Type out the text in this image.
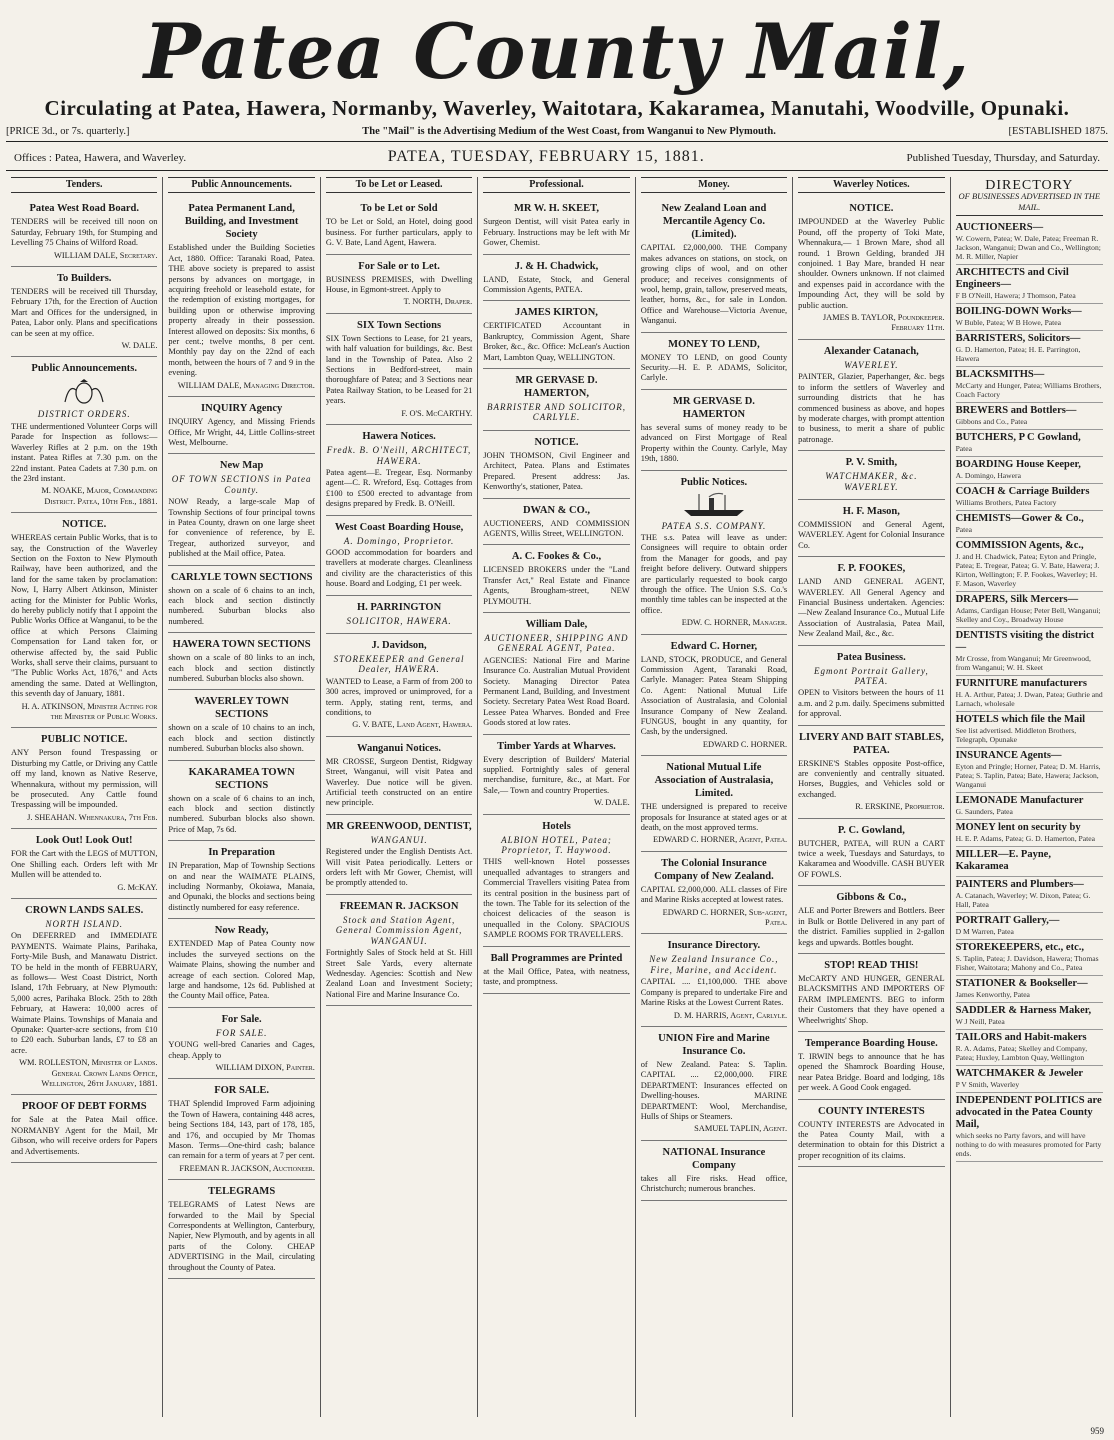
Patea County Mail,
Circulating at Patea, Hawera, Normanby, Waverley, Waitotara, Kakaramea, Manutahi, Woodville, Opunaki.
[PRICE 3d., or 7s. quarterly.]	The "Mail" is the Advertising Medium of the West Coast, from Wanganui to New Plymouth.	[ESTABLISHED 1875.
Offices : Patea, Hawera, and Waverley.	PATEA, TUESDAY, FEBRUARY 15, 1881.	Published Tuesday, Thursday, and Saturday.
Tenders.
Patea West Road Board.

TENDERS will be received till noon on Saturday, February 19th, for Stumping and Levelling 75 Chains of Wilford Road.

WILLIAM DALE, Secretary.
To Builders.

TENDERS will be received till Thursday, February 17th, for the Erection of Auction Mart and Offices for the undersigned, in Patea, Labor only. Plans and specifications can be seen at my office.

W. DALE.
Public Announcements.
DISTRICT ORDERS.

THE undermentioned Volunteer Corps will Parade for Inspection as follows:— Waverley Rifles at 2 p.m. on the 19th instant. Patea Rifles at 7.30 p.m. on the 22nd instant. Patea Cadets at 7.30 p.m. on the 23rd instant.

M. NOAKE, Major, Commanding District. Patea, 10th Feb., 1881.
NOTICE.

WHEREAS certain Public Works, that is to say, the Construction of the Waverley Section on the Foxton to New Plymouth Railway, have been authorized, and the land for the same taken by proclamation: Now, I, Harry Albert Atkinson, Minister acting for the Minister for Public Works, do hereby publicly notify that I appoint the Public Works Office at Wanganui, to be the office at which Persons Claiming Compensation for Land taken for, or otherwise affected by, the said Public Works, shall serve their claims, pursuant to "The Public Works Act, 1876," and Acts amending the same. Dated at Wellington, this seventh day of January, 1881.

H. A. ATKINSON, Minister Acting for the Minister of Public Works.
PUBLIC NOTICE.

ANY Person found Trespassing or Disturbing my Cattle, or Driving any Cattle off my land, known as Native Reserve, Whennakura, without my permission, will be prosecuted. Any Cattle found Trespassing will be impounded.

J. SHEAHAN. Whennakura, 7th Feb.
Look Out! Look Out!

FOR the Cart with the LEGS of MUTTON, One Shilling each. Orders left with Mr Mullen will be attended to.

G. McKAY.
CROWN LANDS SALES.
NORTH ISLAND.

On DEFERRED and IMMEDIATE PAYMENTS. Waimate Plains, Parihaka, Forty-Mile Bush, and Manawatu District. TO be held in the month of FEBRUARY, as follows— West Coast District, North Island, 17th February, at New Plymouth: 5,000 acres, Parihaka Block. 25th to 28th February, at Hawera: 10,000 acres of Waimate Plains. Townships of Manaia and Opunake: Quarter-acre sections, from £10 to £20 each. Suburban lands, £7 to £8 an acre.

WM. ROLLESTON, Minister of Lands. General Crown Lands Office, Wellington, 26th January, 1881.
PROOF OF DEBT FORMS

for Sale at the Patea Mail office. NORMANBY Agent for the Mail, Mr Gibson, who will receive orders for Papers and Advertisements.

Public Announcements.
Patea Permanent Land, Building, and Investment Society

Established under the Building Societies Act, 1880. Office: Taranaki Road, Patea. THE above society is prepared to assist persons by advances on mortgage, in acquiring freehold or leasehold estate, for the redemption of existing mortgages, for building upon or otherwise improving property already in their possession. Interest allowed on deposits: Six months, 6 per cent.; twelve months, 8 per cent. Monthly pay day on the 22nd of each month, between the hours of 7 and 9 in the evening.

WILLIAM DALE, Managing Director.
INQUIRY Agency

INQUIRY Agency, and Missing Friends Office, Mr Wright, 44, Little Collins-street West, Melbourne.

New Map
OF TOWN SECTIONS in Patea County.

NOW Ready, a large-scale Map of Township Sections of four principal towns in Patea County, drawn on one large sheet for convenience of reference, by E. Tregear, authorized surveyor, and published at the Mail office, Patea.

CARLYLE TOWN SECTIONS

shown on a scale of 6 chains to an inch, each block and section distinctly numbered. Suburban blocks also numbered.

HAWERA TOWN SECTIONS

shown on a scale of 80 links to an inch, each block and section distinctly numbered. Suburban blocks also shown.

WAVERLEY TOWN SECTIONS

shown on a scale of 10 chains to an inch, each block and section distinctly numbered. Suburban blocks also shown.

KAKARAMEA TOWN SECTIONS

shown on a scale of 6 chains to an inch, each block and section distinctly numbered. Suburban blocks also shown. Price of Map, 7s 6d.

In Preparation

IN Preparation, Map of Township Sections on and near the WAIMATE PLAINS, including Normanby, Okoiawa, Manaia, and Opunaki, the blocks and sections being distinctly numbered for easy reference.

Now Ready,

EXTENDED Map of Patea County now includes the surveyed sections on the Waimate Plains, showing the number and acreage of each section. Colored Map, large and handsome, 12s 6d. Published at the County Mail office, Patea.

For Sale.
FOR SALE.

YOUNG well-bred Canaries and Cages, cheap. Apply to

WILLIAM DIXON, Painter.
FOR SALE.

THAT Splendid Improved Farm adjoining the Town of Hawera, containing 448 acres, being Sections 184, 143, part of 178, 185, and 176, and occupied by Mr Thomas Mason. Terms—One-third cash; balance can remain for a term of years at 7 per cent.

FREEMAN R. JACKSON, Auctioneer.
TELEGRAMS

TELEGRAMS of Latest News are forwarded to the Mail by Special Correspondents at Wellington, Canterbury, Napier, New Plymouth, and by agents in all parts of the Colony. CHEAP ADVERTISING in the Mail, circulating throughout the County of Patea.

To be Let or Leased.
To be Let or Sold

TO be Let or Sold, an Hotel, doing good business. For further particulars, apply to G. V. Bate, Land Agent, Hawera.

For Sale or to Let.

BUSINESS PREMISES, with Dwelling House, in Egmont-street. Apply to

T. NORTH, Draper.
SIX Town Sections

SIX Town Sections to Lease, for 21 years, with half valuation for buildings, &c. Best land in the Township of Patea. Also 2 Sections in Bedford-street, main thoroughfare of Patea; and 3 Sections near Patea Railway Station, to be Leased for 21 years.

F. O'S. McCARTHY.
Hawera Notices.
Fredk. B. O'Neill, ARCHITECT, HAWERA.

Patea agent—E. Tregear, Esq. Normanby agent—C. R. Wreford, Esq. Cottages from £100 to £500 erected to advantage from designs prepared by Fredk. B. O'Neill.

West Coast Boarding House,
A. Domingo, Proprietor.

GOOD accommodation for boarders and travellers at moderate charges. Cleanliness and civility are the characteristics of this house. Board and Lodging, £1 per week.

H. PARRINGTON
SOLICITOR, HAWERA.
J. Davidson,
STOREKEEPER and General Dealer, HAWERA.

WANTED to Lease, a Farm of from 200 to 300 acres, improved or unimproved, for a term. Apply, stating rent, terms, and conditions, to

G. V. BATE, Land Agent, Hawera.
Wanganui Notices.

MR CROSSE, Surgeon Dentist, Ridgway Street, Wanganui, will visit Patea and Waverley. Due notice will be given. Artificial teeth constructed on an entire new principle.

MR GREENWOOD, DENTIST,
WANGANUI.

Registered under the English Dentists Act. Will visit Patea periodically. Letters or orders left with Mr Gower, Chemist, will be promptly attended to.

FREEMAN R. JACKSON
Stock and Station Agent, General Commission Agent, WANGANUI.

Fortnightly Sales of Stock held at St. Hill Street Sale Yards, every alternate Wednesday. Agencies: Scottish and New Zealand Loan and Investment Society; National Fire and Marine Insurance Co.

Professional.
MR W. H. SKEET,

Surgeon Dentist, will visit Patea early in February. Instructions may be left with Mr Gower, Chemist.

J. & H. Chadwick,

LAND, Estate, Stock, and General Commission Agents, PATEA.

JAMES KIRTON,

CERTIFICATED Accountant in Bankruptcy, Commission Agent, Share Broker, &c., &c. Office: McLean's Auction Mart, Lambton Quay, WELLINGTON.

MR GERVASE D. HAMERTON,
BARRISTER AND SOLICITOR, CARLYLE.
NOTICE.

JOHN THOMSON, Civil Engineer and Architect, Patea. Plans and Estimates Prepared. Present address: Jas. Kenworthy's, stationer, Patea.

DWAN & CO.,

AUCTIONEERS, AND COMMISSION AGENTS, Willis Street, WELLINGTON.

A. C. Fookes & Co.,

LICENSED BROKERS under the "Land Transfer Act," Real Estate and Finance Agents, Brougham-street, NEW PLYMOUTH.

William Dale,
AUCTIONEER, SHIPPING AND GENERAL AGENT, Patea.

AGENCIES: National Fire and Marine Insurance Co. Australian Mutual Provident Society. Managing Director Patea Permanent Land, Building, and Investment Society. Secretary Patea West Road Board. Lessee Patea Wharves. Bonded and Free Goods stored at low rates.

Timber Yards at Wharves.

Every description of Builders' Material supplied. Fortnightly sales of general merchandise, furniture, &c., at Mart. For Sale,— Town and country Properties.

W. DALE.
Hotels
ALBION HOTEL, Patea; Proprietor, T. Haywood.

THIS well-known Hotel possesses unequalled advantages to strangers and Commercial Travellers visiting Patea from its central position in the business part of the town. The Table for its selection of the choicest delicacies of the season is unequalled in the Colony. SPACIOUS SAMPLE ROOMS FOR TRAVELLERS.

Ball Programmes are Printed

at the Mail Office, Patea, with neatness, taste, and promptness.

Money.
New Zealand Loan and Mercantile Agency Co. (Limited).

CAPITAL £2,000,000. THE Company makes advances on stations, on stock, on growing clips of wool, and on other produce; and receives consignments of wool, hemp, grain, tallow, preserved meats, leather, horns, &c., for sale in London. Office and Warehouse—Victoria Avenue, Wanganui.

MONEY TO LEND,

MONEY TO LEND, on good County Security.—H. E. P. ADAMS, Solicitor, Carlyle.

MR GERVASE D. HAMERTON

has several sums of money ready to be advanced on First Mortgage of Real Property within the County. Carlyle, May 19th, 1880.

Public Notices.
PATEA S.S. COMPANY.

THE s.s. Patea will leave as under: Consignees will require to obtain order from the Manager for goods, and pay freight before delivery. Outward shippers are particularly requested to book cargo through the office. The Union S.S. Co.'s monthly time tables can be inspected at the office.

EDW. C. HORNER, Manager.
Edward C. Horner,

LAND, STOCK, PRODUCE, and General Commission Agent, Taranaki Road, Carlyle. Manager: Patea Steam Shipping Co. Agent: National Mutual Life Association of Australasia, and Colonial Insurance Company of New Zealand. FUNGUS, bought in any quantity, for Cash, by the undersigned.

EDWARD C. HORNER.
National Mutual Life Association of Australasia, Limited.

THE undersigned is prepared to receive proposals for Insurance at stated ages or at death, on the most approved terms.

EDWARD C. HORNER, Agent, Patea.
The Colonial Insurance Company of New Zealand.

CAPITAL £2,000,000. ALL classes of Fire and Marine Risks accepted at lowest rates.

EDWARD C. HORNER, Sub-agent, Patea.
Insurance Directory.
New Zealand Insurance Co., Fire, Marine, and Accident.

CAPITAL .... £1,100,000. THE above Company is prepared to undertake Fire and Marine Risks at the Lowest Current Rates.

D. M. HARRIS, Agent, Carlyle.
UNION Fire and Marine Insurance Co.

of New Zealand. Patea: S. Taplin. CAPITAL .... £2,000,000. FIRE DEPARTMENT: Insurances effected on Dwelling-houses. MARINE DEPARTMENT: Wool, Merchandise, Hulls of Ships or Steamers.

SAMUEL TAPLIN, Agent.
NATIONAL Insurance Company

takes all Fire risks. Head office, Christchurch; numerous branches.

Waverley Notices.
NOTICE.

IMPOUNDED at the Waverley Public Pound, off the property of Toki Mate, Whennakura,— 1 Brown Mare, shod all round. 1 Brown Gelding, branded JH conjoined. 1 Bay Mare, branded H near shoulder. Owners unknown. If not claimed and expenses paid in accordance with the Impounding Act, they will be sold by public auction.

JAMES B. TAYLOR, Poundkeeper. February 11th.
Alexander Catanach,
WAVERLEY.

PAINTER, Glazier, Paperhanger, &c. begs to inform the settlers of Waverley and surrounding districts that he has commenced business as above, and hopes by moderate charges, with prompt attention to business, to merit a share of public patronage.

P. V. Smith,
WATCHMAKER, &c. WAVERLEY.
H. F. Mason,

COMMISSION and General Agent, WAVERLEY. Agent for Colonial Insurance Co.

F. P. FOOKES,

LAND AND GENERAL AGENT, WAVERLEY. All General Agency and Financial Business undertaken. Agencies:—New Zealand Insurance Co., Mutual Life Association of Australasia, Patea Mail, New Zealand Mail, &c., &c.

Patea Business.
Egmont Portrait Gallery, PATEA.

OPEN to Visitors between the hours of 11 a.m. and 2 p.m. daily. Specimens submitted for approval.

LIVERY AND BAIT STABLES, PATEA.

ERSKINE'S Stables opposite Post-office, are conveniently and centrally situated. Horses, Buggies, and Vehicles sold or exchanged.

R. ERSKINE, Proprietor.
P. C. Gowland,

BUTCHER, PATEA, will RUN a CART twice a week, Tuesdays and Saturdays, to Kakaramea and Woodville. CASH BUYER OF FOWLS.

Gibbons & Co.,

ALE and Porter Brewers and Bottlers. Beer in Bulk or Bottle Delivered in any part of the district. Families supplied in 2-gallon kegs and upwards. Bottles bought.

STOP! READ THIS!

McCARTY AND HUNGER, GENERAL BLACKSMITHS AND IMPORTERS OF FARM IMPLEMENTS. BEG to inform their Customers that they have opened a Wheelwrights' Shop.

Temperance Boarding House.

T. IRWIN begs to announce that he has opened the Shamrock Boarding House, near Patea Bridge. Board and lodging, 18s per week. A Good Cook engaged.

COUNTY INTERESTS

COUNTY INTERESTS are Advocated in the Patea County Mail, with a determination to obtain for this District a proper recognition of its claims.

DIRECTORY
OF BUSINESSES ADVERTISED IN THE MAIL.
AUCTIONEERS—
W. Cowern, Patea; W. Dale, Patea; Freeman R. Jackson, Wanganui; Dwan and Co., Wellington; M. R. Miller, Napier
ARCHITECTS and Civil Engineers—
F B O'Neill, Hawera; J Thomson, Patea
BOILING-DOWN Works—
W Buble, Patea; W B Howe, Patea
BARRISTERS, Solicitors—
G. D. Hamerton, Patea; H. E. Parrington, Hawera
BLACKSMITHS—
McCarty and Hunger, Patea; Williams Brothers, Coach Factory
BREWERS and Bottlers—
Gibbons and Co., Patea
BUTCHERS, P C Gowland,
Patea
BOARDING House Keeper,
A. Domingo, Hawera
COACH & Carriage Builders
Williams Brothers, Patea Factory
CHEMISTS—Gower & Co.,
Patea
COMMISSION Agents, &c.,
J. and H. Chadwick, Patea; Eyton and Pringle, Patea; E. Tregear, Patea; G. V. Bate, Hawera; J. Kirton, Wellington; F. P. Fookes, Waverley; H. F. Mason, Waverley
DRAPERS, Silk Mercers—
Adams, Cardigan House; Peter Bell, Wanganui; Skelley and Coy., Broadway House
DENTISTS visiting the district—
Mr Crosse, from Wanganui; Mr Greenwood, from Wanganui; W. H. Skeet
FURNITURE manufacturers
H. A. Arthur, Patea; J. Dwan, Patea; Guthrie and Larnach, wholesale
HOTELS which file the Mail
See list advertised. Middleton Brothers, Telegraph, Opunake
INSURANCE Agents—
Eyton and Pringle; Horner, Patea; D. M. Harris, Patea; S. Taplin, Patea; Bate, Hawera; Jackson, Wanganui
LEMONADE Manufacturer
G. Saunders, Patea
MONEY lent on security by
H. E. P. Adams, Patea; G. D. Hamerton, Patea
MILLER—E. Payne, Kakaramea
PAINTERS and Plumbers—
A. Catanach, Waverley; W. Dixon, Patea; G. Hall, Patea
PORTRAIT Gallery,—
D M Warren, Patea
STOREKEEPERS, etc., etc.,
S. Taplin, Patea; J. Davidson, Hawera; Thomas Fisher, Waitotara; Mahony and Co., Patea
STATIONER & Bookseller—
James Kenworthy, Patea
SADDLER & Harness Maker,
W J Neill, Patea
TAILORS and Habit-makers
R. A. Adams, Patea; Skelley and Company, Patea; Huxley, Lambton Quay, Wellington
WATCHMAKER & Jeweler
P V Smith, Waverley
INDEPENDENT POLITICS are advocated in the Patea County Mail,
which seeks no Party favors, and will have nothing to do with measures promoted for Party ends.
959
